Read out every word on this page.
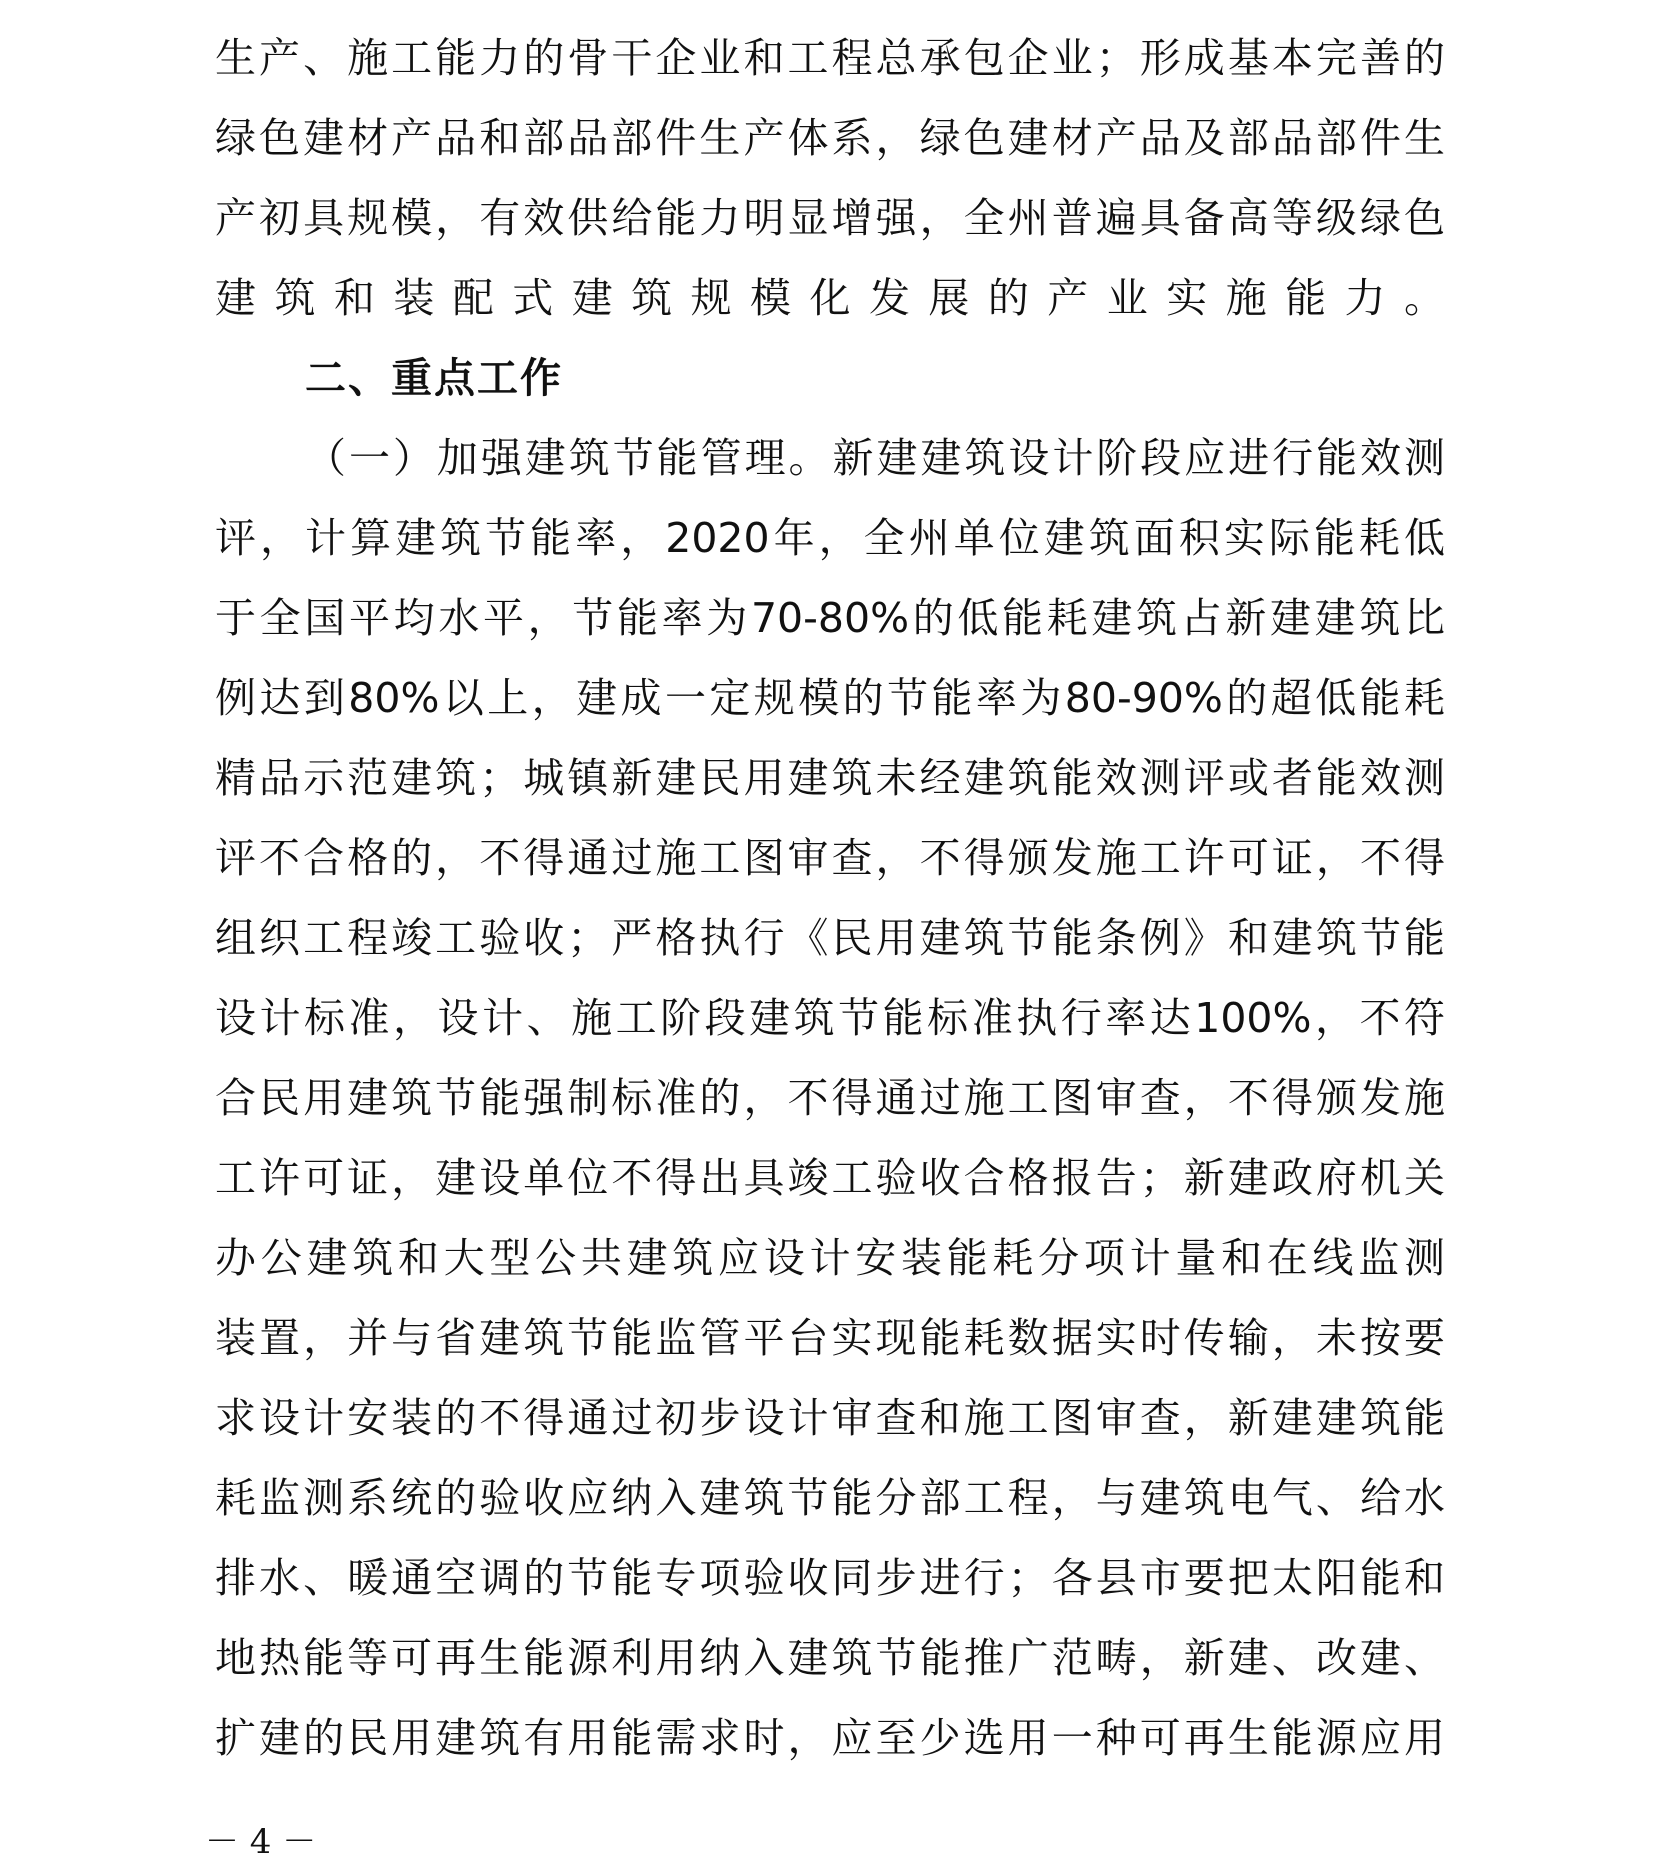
生产、施工能力的骨干企业和工程总承包企业；形成基本完善的
绿色建材产品和部品部件生产体系，绿色建材产品及部品部件生
产初具规模，有效供给能力明显增强，全州普遍具备高等级绿色
建筑和装配式建筑规模化发展的产业实施能力。
二、重点工作
（一）加强建筑节能管理。新建建筑设计阶段应进行能效测
评，计算建筑节能率，2020年，全州单位建筑面积实际能耗低
于全国平均水平，节能率为70-80%的低能耗建筑占新建建筑比
例达到80%以上，建成一定规模的节能率为80-90%的超低能耗
精品示范建筑；城镇新建民用建筑未经建筑能效测评或者能效测
评不合格的，不得通过施工图审查，不得颁发施工许可证，不得
组织工程竣工验收；严格执行《民用建筑节能条例》和建筑节能
设计标准，设计、施工阶段建筑节能标准执行率达100%，不符
合民用建筑节能强制标准的，不得通过施工图审查，不得颁发施
工许可证，建设单位不得出具竣工验收合格报告；新建政府机关
办公建筑和大型公共建筑应设计安装能耗分项计量和在线监测
装置，并与省建筑节能监管平台实现能耗数据实时传输，未按要
求设计安装的不得通过初步设计审查和施工图审查，新建建筑能
耗监测系统的验收应纳入建筑节能分部工程，与建筑电气、给水
排水、暖通空调的节能专项验收同步进行；各县市要把太阳能和
地热能等可再生能源利用纳入建筑节能推广范畴，新建、改建、
扩建的民用建筑有用能需求时，应至少选用一种可再生能源应用
－ 4 －
